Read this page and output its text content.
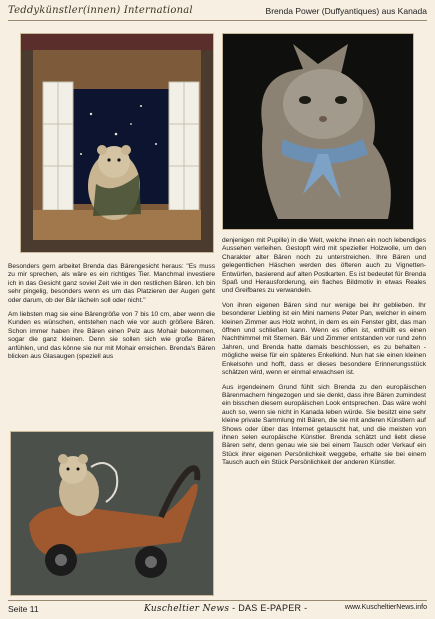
Teddykünstler(innen) International	Brenda Power (Duffyantiques) aus Kanada

Besonders gern arbeitet Brenda das Bärengesicht heraus: "Es muss zu mir sprechen, als wäre es ein richtiges Tier. Manchmal investiere ich in das Gesicht ganz soviel Zeit wie in den restlichen Bären. Ich bin sehr pingelig, besonders wenn es um das Platzieren der Augen geht oder darum, ob der Bär lächeln soll oder nicht."

Am liebsten mag sie eine Bärengröße von 7 bis 10 cm, aber wenn die Kunden es wünschen, entstehen nach wie vor auch größere Bären. Schon immer haben ihre Bären einen Pelz aus Mohair bekommen, sogar die ganz kleinen. Denn sie sollen sich wie große Bären anfühlen, und das könne sie nur mit Mohair erreichen. Brenda's Bären blicken aus Glasaugen (speziell aus

denjenigen mit Pupille) in die Welt, welche ihnen ein noch lebendiges Aussehen verleihen. Gestopft wird mit spezieller Holzwolle, um den Charakter alter Bären noch zu unterstreichen. Ihre Bären und gelegentlichen Häschen werden des öfteren auch zu Vignetten-Entwürfen, basierend auf alten Postkarten. Es ist bedeutet für Brenda Spaß und Herausforderung, ein flaches Bildmotiv in etwas Reales und Greifbares zu verwandeln.

Von ihren eigenen Bären sind nur wenige bei ihr geblieben. Ihr besonderer Liebling ist ein Mini namens Peter Pan, welcher in einem kleinen Zimmer aus Holz wohnt, in dem es ein Fenster gibt, das man öffnen und schließen kann. Wenn es offen ist, enthüllt es einen Nachthimmel mit Sternen. Bär und Zimmer entstanden vor rund zehn Jahren, und Brenda hatte damals beschlossen, es zu behalten - mögliche weise für ein späteres Enkelkind. Nun hat sie einen kleinen Enkelsohn und hofft, dass er dieses besondere Erinnerungsstück schätzen wird, wenn er einmal erwachsen ist.

Aus irgendeinem Grund fühlt sich Brenda zu den europäischen Bärenmachern hingezogen und sie denkt, dass ihre Bären zumindest ein bisschen diesem europäischen Look entsprechen. Das wäre wohl auch so, wenn sie nicht in Kanada leben würde. Sie besitzt eine sehr kleine private Sammlung mit Bären, die sie mit anderen Künstlern auf Shows oder über das Internet getauscht hat, und die meisten von ihnen selen europäische Künstler. Brenda schätzt und liebt diese Bären sehr, denn genau wie sie bei einem Tausch oder Verkauf ein Stück ihrer eigenen Persönlichkeit weggebe, erhalte sie bei einem Tausch auch ein Stück Persönlichkeit der anderen Künstler.

Seite 11	Kuscheltier News - DAS E-PAPER -	www.KuscheltierNews.info
